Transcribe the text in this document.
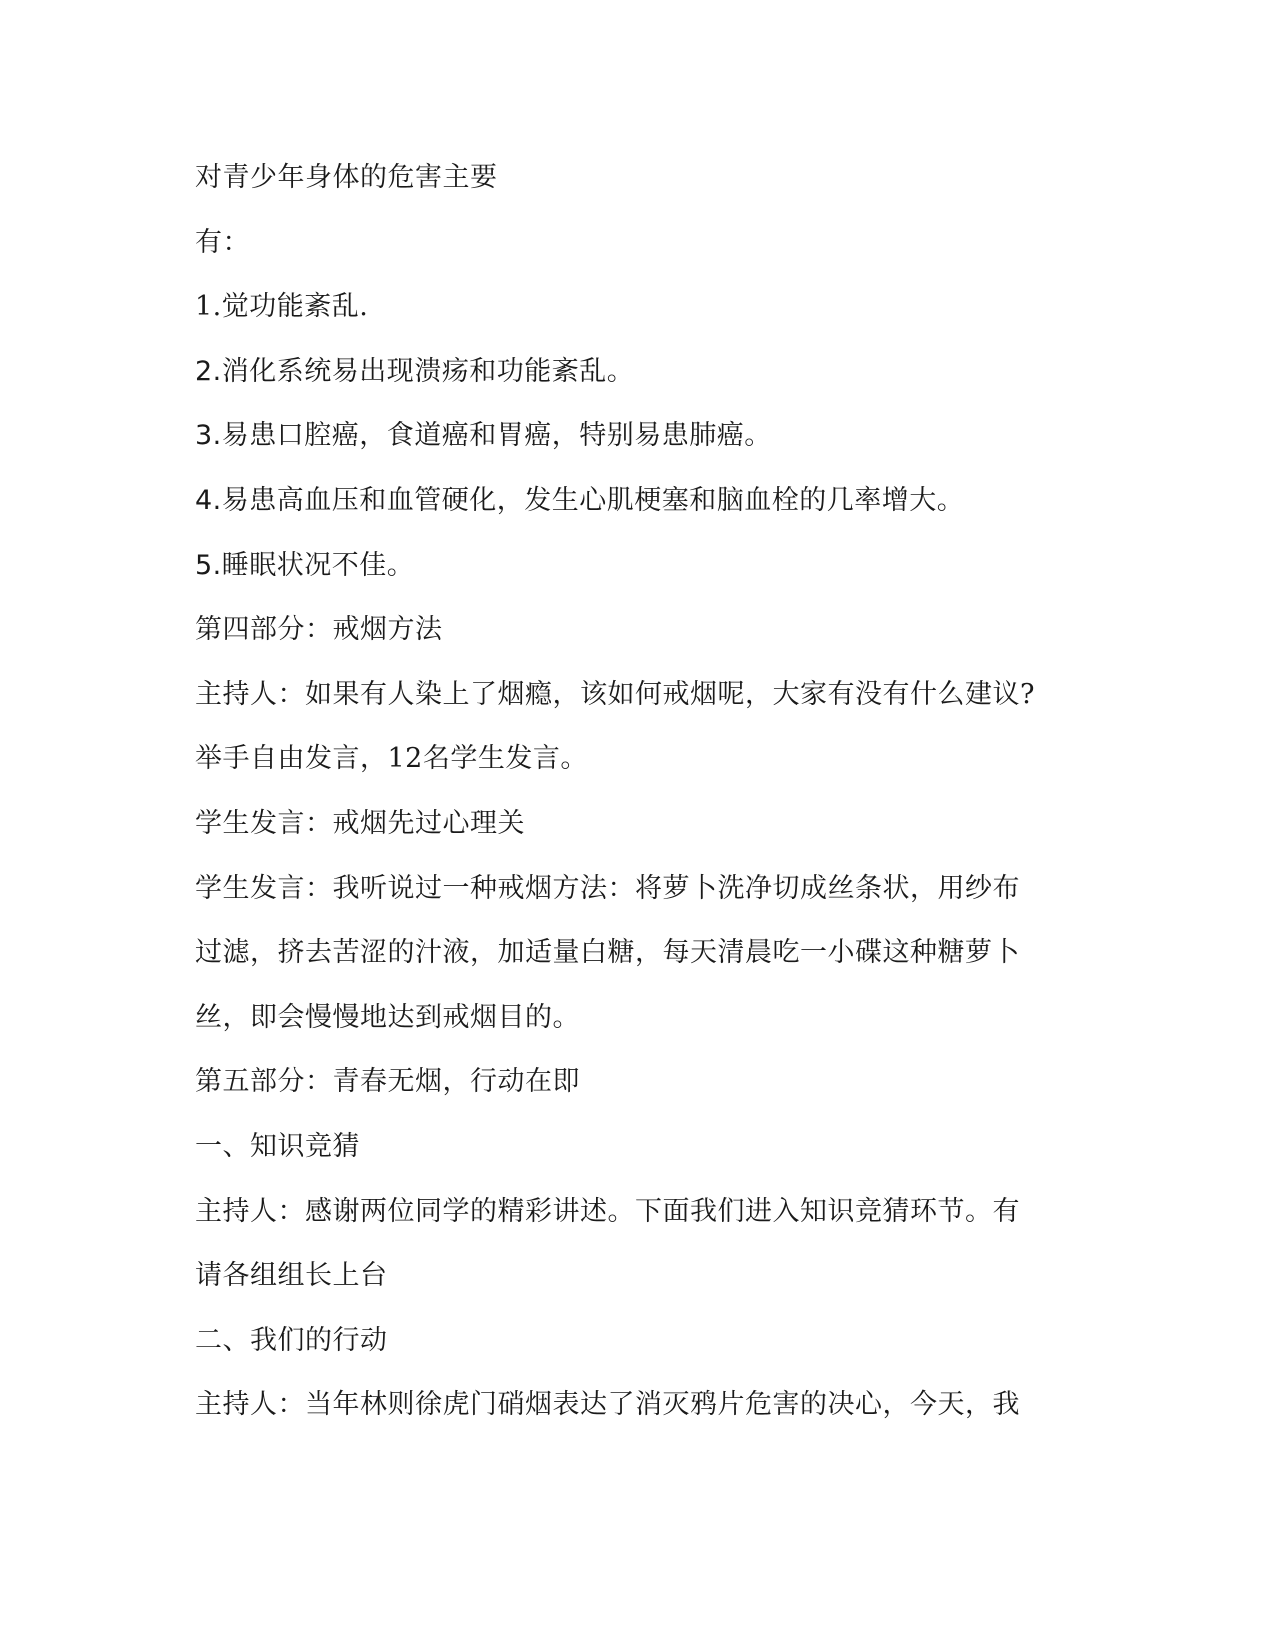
对青少年身体的危害主要
有：
1.觉功能紊乱.
2.消化系统易出现溃疡和功能紊乱。
3.易患口腔癌，食道癌和胃癌，特别易患肺癌。
4.易患高血压和血管硬化，发生心肌梗塞和脑血栓的几率增大。
5.睡眠状况不佳。
第四部分：戒烟方法
主持人：如果有人染上了烟瘾，该如何戒烟呢，大家有没有什么建议?
举手自由发言，12名学生发言。
学生发言：戒烟先过心理关
学生发言：我听说过一种戒烟方法：将萝卜洗净切成丝条状，用纱布
过滤，挤去苦涩的汁液，加适量白糖，每天清晨吃一小碟这种糖萝卜
丝，即会慢慢地达到戒烟目的。
第五部分：青春无烟，行动在即
一、知识竞猜
主持人：感谢两位同学的精彩讲述。下面我们进入知识竞猜环节。有
请各组组长上台
二、我们的行动
主持人：当年林则徐虎门硝烟表达了消灭鸦片危害的决心，今天，我
